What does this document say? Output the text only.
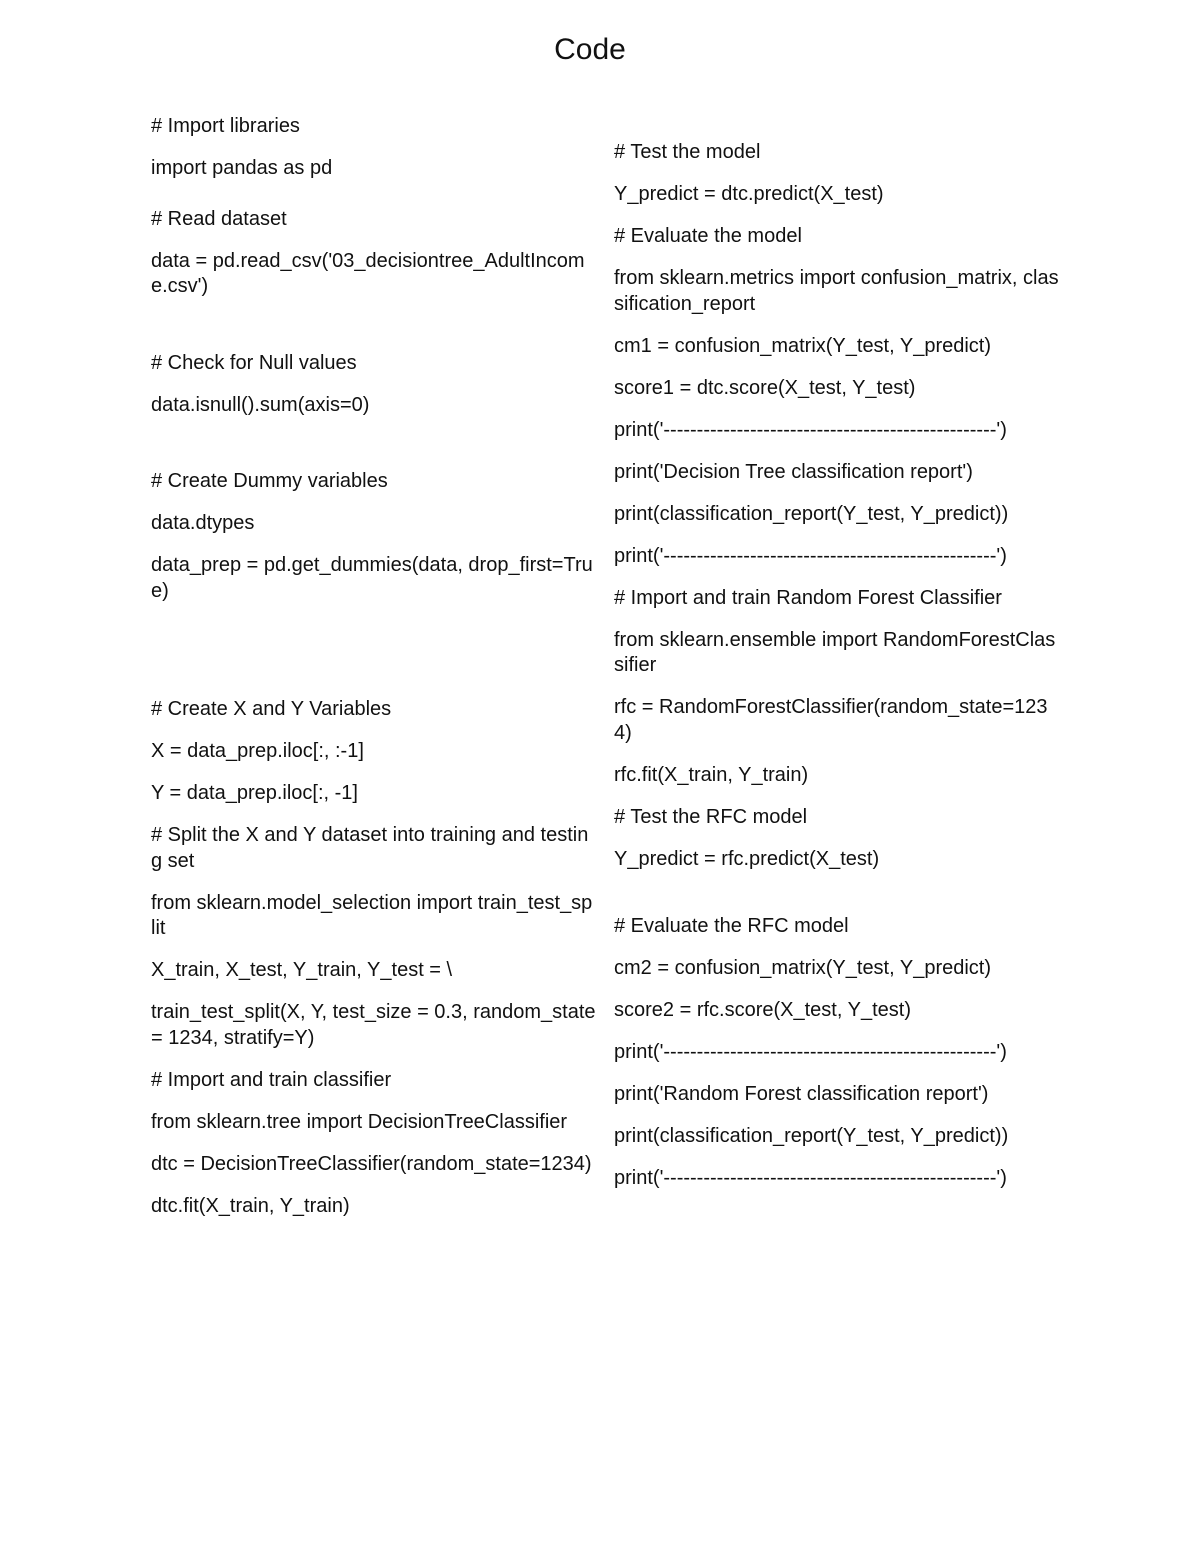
Code

# Import libraries

import pandas as pd

# Read dataset

data = pd.read_csv('03_decisiontree_AdultIncome.csv')

# Check for Null values

data.isnull().sum(axis=0)

# Create Dummy variables

data.dtypes

data_prep = pd.get_dummies(data, drop_first=True)

# Create X and Y Variables

X = data_prep.iloc[:, :-1]

Y = data_prep.iloc[:, -1]

# Split the X and Y dataset into training and testing set

from sklearn.model_selection import train_test_split

X_train, X_test, Y_train, Y_test = \

train_test_split(X, Y, test_size = 0.3, random_state = 1234, stratify=Y)

# Import and train classifier

from sklearn.tree import DecisionTreeClassifier

dtc = DecisionTreeClassifier(random_state=1234)

dtc.fit(X_train, Y_train)

# Test the model

Y_predict = dtc.predict(X_test)

# Evaluate the model

from sklearn.metrics import confusion_matrix, classification_report

cm1 = confusion_matrix(Y_test, Y_predict)

score1 = dtc.score(X_test, Y_test)

print('--------------------------------------------------')

print('Decision Tree classification report')

print(classification_report(Y_test, Y_predict))

print('--------------------------------------------------')

# Import and train Random Forest Classifier

from sklearn.ensemble import RandomForestClassifier

rfc = RandomForestClassifier(random_state=1234)

rfc.fit(X_train, Y_train)

# Test the RFC model

Y_predict = rfc.predict(X_test)

# Evaluate the RFC model

cm2 = confusion_matrix(Y_test, Y_predict)

score2 = rfc.score(X_test, Y_test)

print('--------------------------------------------------')

print('Random Forest classification report')

print(classification_report(Y_test, Y_predict))

print('--------------------------------------------------')
